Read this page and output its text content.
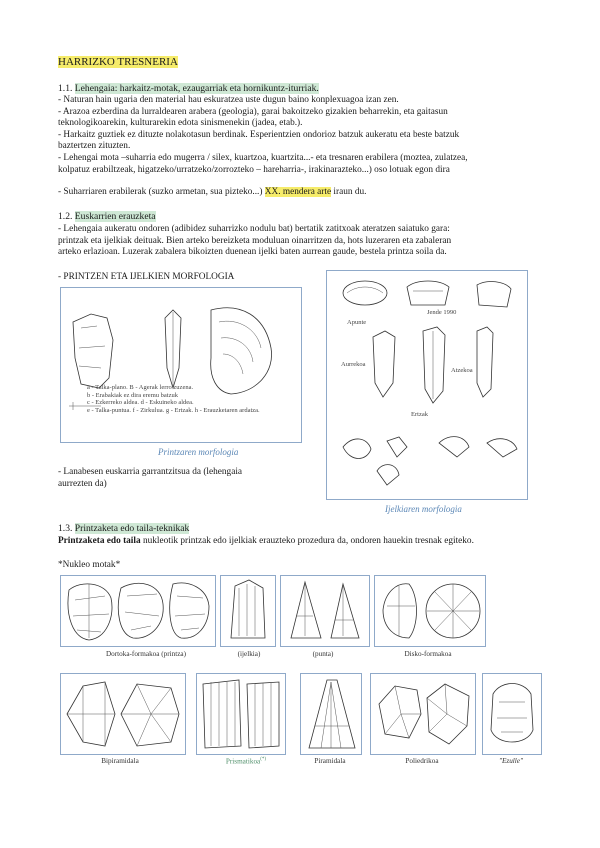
HARRIZKO TRESNERIA
1.1. Lehengaia: harkaitz-motak, ezaugarriak eta hornikuntz-iturriak.
- Naturan hain ugaria den material hau eskuratzea uste dugun baino konplexuagoa izan zen.
- Arazoa ezberdina da lurraldearen arabera (geologia), garai bakoitzeko gizakien beharrekin, eta gaitasun
teknologikoarekin, kulturarekin edota sinismenekin (jadea, etab.).
- Harkaitz guztiek ez dituzte nolakotasun berdinak. Esperientzien ondorioz batzuk aukeratu eta beste batzuk
baztertzen zituzten.
- Lehengai mota –suharria edo mugerra / silex, kuartzoa, kuartzita...- eta tresnaren erabilera (moztea, zulatzea,
kolpatuz erabiltzeak, higatzeko/urratzeko/zorrozteko – hareharria-, irakinarazteko...) oso lotuak egon dira
- Suharriaren erabilerak (suzko armetan, sua pizteko...) XX. mendera arte iraun du.
1.2. Euskarrien erauzketa
- Lehengaia aukeratu ondoren (adibidez suharrizko nodulu bat) bertatik zatitxoak ateratzen saiatuko gara:
printzak eta ijelkiak deituak. Bien arteko bereizketa moduluan oinarritzen da, hots luzeraren eta zabaleran
arteko erlazioan. Luzerak zabalera bikoizten duenean ijelki baten aurrean gaude, bestela printza soila da.
- PRINTZEN ETA IJELKIEN MORFOLOGIA
a - Talka-plano. B - Agerak lerro zuzena.
b - Erabakiak ez dira eremu batzuk
c - Ezkerreko aldea. d - Eskuineko aldea.
e - Talka-puntua. f - Zirkulua. g - Ertzak. h - Erauzketaren ardatza.
Printzaren morfologia
- Lanabesen euskarria garrantzitsua da (lehengaia
aurrezten da)
Apunte
Jende 1990
Aurrekoa
Atzekoa
Ertzak
Ijelkiaren morfologia
1.3. Printzaketa edo taila-teknikak
Printzaketa edo taila nukleotik printzak edo ijelkiak erauzteko prozedura da, ondoren hauekin tresnak egiteko.
*Nukleo motak*
Dortoka-formakoa (printza)	(ijelkia)	(punta)	Disko-formakoa
Bipiramidala	Prismatikoa(*)	Piramidala	Poliedrikoa	"Ezulle"
